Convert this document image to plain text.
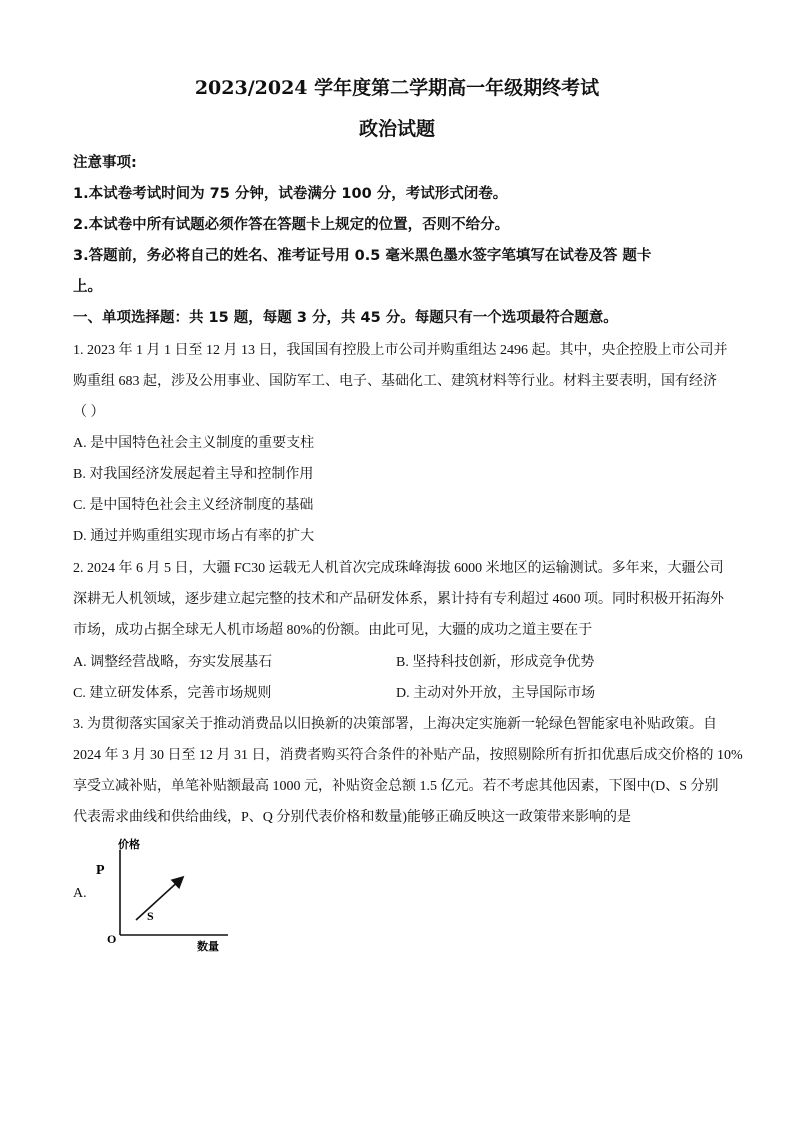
2023/2024 学年度第二学期高一年级期终考试
政治试题
注意事项:
1.本试卷考试时间为 75 分钟，试卷满分 100 分，考试形式闭卷。
2.本试卷中所有试题必须作答在答题卡上规定的位置，否则不给分。
3.答题前，务必将自己的姓名、准考证号用 0.5 毫米黑色墨水签字笔填写在试卷及答 题卡
上。
一、单项选择题：共 15 题，每题 3 分，共 45 分。每题只有一个选项最符合题意。
1. 2023 年 1 月 1 日至 12 月 13 日，我国国有控股上市公司并购重组达 2496 起。其中，央企控股上市公司并
购重组 683 起，涉及公用事业、国防军工、电子、基础化工、建筑材料等行业。材料主要表明，国有经济
（ ）
A. 是中国特色社会主义制度的重要支柱
B. 对我国经济发展起着主导和控制作用
C. 是中国特色社会主义经济制度的基础
D. 通过并购重组实现市场占有率的扩大
2. 2024 年 6 月 5 日，大疆 FC30 运载无人机首次完成珠峰海拔 6000 米地区的运输测试。多年来，大疆公司
深耕无人机领域，逐步建立起完整的技术和产品研发体系，累计持有专利超过 4600 项。同时积极开拓海外
市场，成功占据全球无人机市场超 80%的份额。由此可见，大疆的成功之道主要在于
A. 调整经营战略，夯实发展基石	B. 坚持科技创新，形成竞争优势
C. 建立研发体系，完善市场规则	D. 主动对外开放，主导国际市场
3. 为贯彻落实国家关于推动消费品以旧换新的决策部署，上海决定实施新一轮绿色智能家电补贴政策。自
2024 年 3 月 30 日至 12 月 31 日，消费者购买符合条件的补贴产品，按照剔除所有折扣优惠后成交价格的 10%
享受立减补贴，单笔补贴额最高 1000 元，补贴资金总额 1.5 亿元。若不考虑其他因素，下图中(D、S 分别
代表需求曲线和供给曲线，P、Q 分别代表价格和数量)能够正确反映这一政策带来影响的是
A.
价格
数量
P
O
S
